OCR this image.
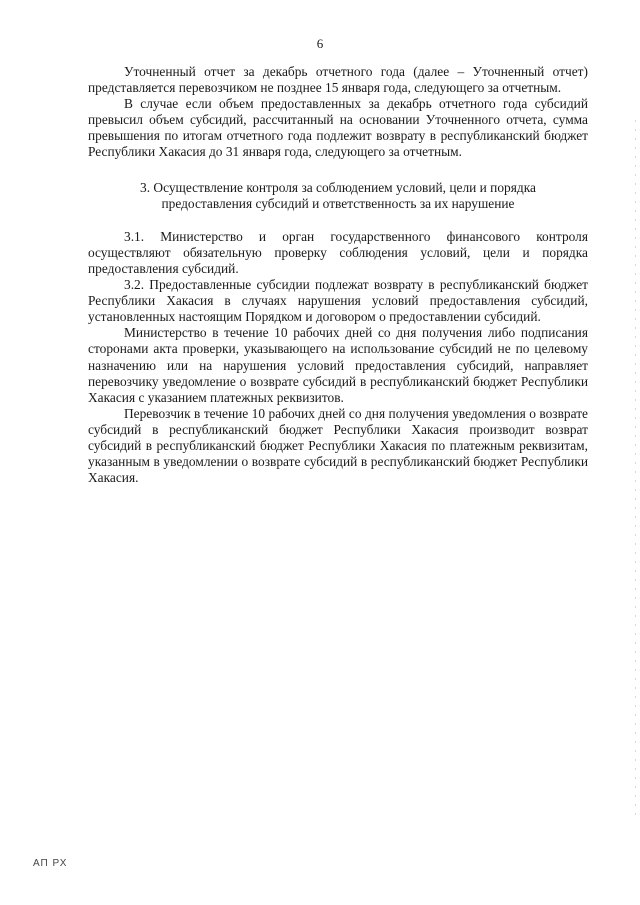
6

Уточненный отчет за декабрь отчетного года (далее – Уточненный отчет) представляется перевозчиком не позднее 15 января года, следующего за отчетным.

В случае если объем предоставленных за декабрь отчетного года субсидий превысил объем субсидий, рассчитанный на основании Уточненного отчета, сумма превышения по итогам отчетного года подлежит возврату в республиканский бюджет Республики Хакасия до 31 января года, следующего за отчетным.

3. Осуществление контроля за соблюдением условий, цели и порядка
предоставления субсидий и ответственность за их нарушение

3.1. Министерство и орган государственного финансового контроля осуществляют обязательную проверку соблюдения условий, цели и порядка предоставления субсидий.

3.2. Предоставленные субсидии подлежат возврату в республиканский бюджет Республики Хакасия в случаях нарушения условий предоставления субсидий, установленных настоящим Порядком и договором о предоставлении субсидий.

Министерство в течение 10 рабочих дней со дня получения либо подписания сторонами акта проверки, указывающего на использование субсидий не по целевому назначению или на нарушения условий предоставления субсидий, направляет перевозчику уведомление о возврате субсидий в республиканский бюджет Республики Хакасия с указанием платежных реквизитов.

Перевозчик в течение 10 рабочих дней со дня получения уведомления о возврате субсидий в республиканский бюджет Республики Хакасия производит возврат субсидий в республиканский бюджет Республики Хакасия по платежным реквизитам, указанным в уведомлении о возврате субсидий в республиканский бюджет Республики Хакасия.

АП РХ
